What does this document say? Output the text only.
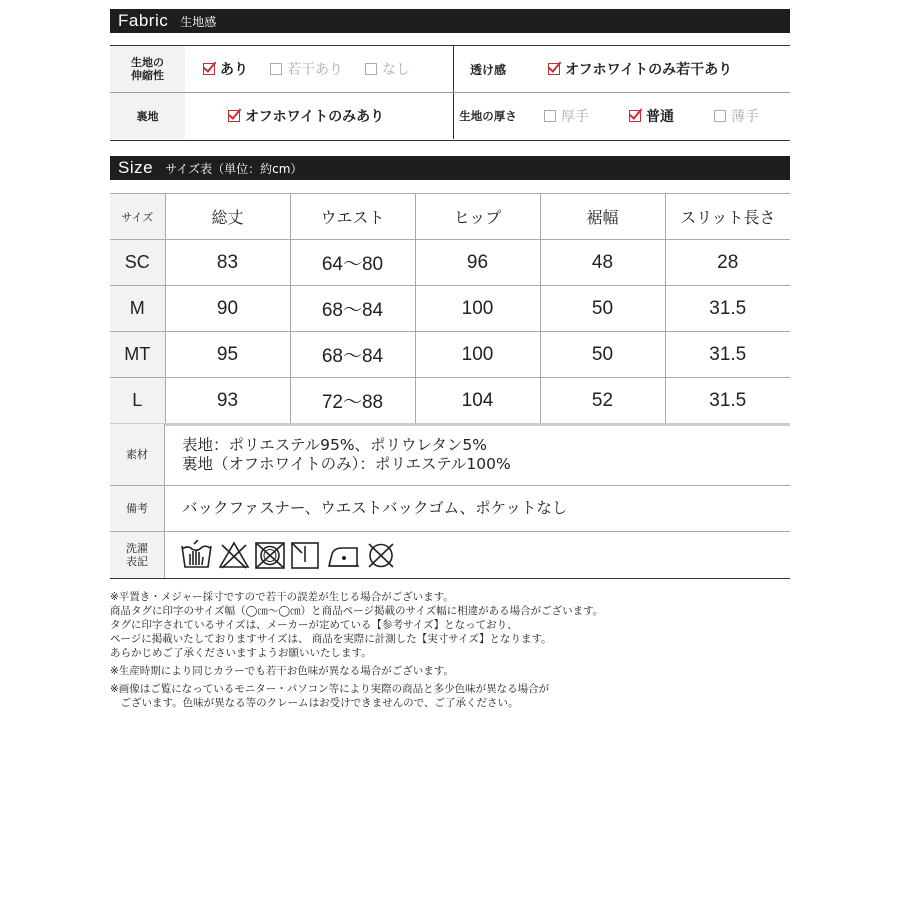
Fabric 生地感
生地の
伸縮性	あり	若干あり	なし	透け感	オフホワイトのみ若干あり
裏地	オフホワイトのみあり	生地の厚さ	厚手	普通	薄手
Size サイズ表（単位：約cm）
サイズ	総丈	ウエスト	ヒップ	裾幅	スリット長さ
SC	83	64〜80	96	48	28
M	90	68〜84	100	50	31.5
MT	95	68〜84	100	50	31.5
L	93	72〜88	104	52	31.5
素材
表地：ポリエステル95%、ポリウレタン5%
裏地（オフホワイトのみ）：ポリエステル100%
備考	バックファスナー、ウエストバックゴム、ポケットなし
洗濯
表記

※平置き・メジャー採寸ですので若干の誤差が生じる場合がございます。

商品タグに印字のサイズ幅（◯㎝〜◯㎝）と商品ページ掲載のサイズ幅に相違がある場合がございます。

タグに印字されているサイズは、メーカーが定めている【参考サイズ】となっており、

ページに掲載いたしておりますサイズは、 商品を実際に計測した【実寸サイズ】となります。

あらかじめご了承くださいますようお願いいたします。

※生産時期により同じカラーでも若干お色味が異なる場合がございます。

※画像はご覧になっているモニター・パソコン等により実際の商品と多少色味が異なる場合が

　ございます。色味が異なる等のクレームはお受けできませんので、ご了承ください。
